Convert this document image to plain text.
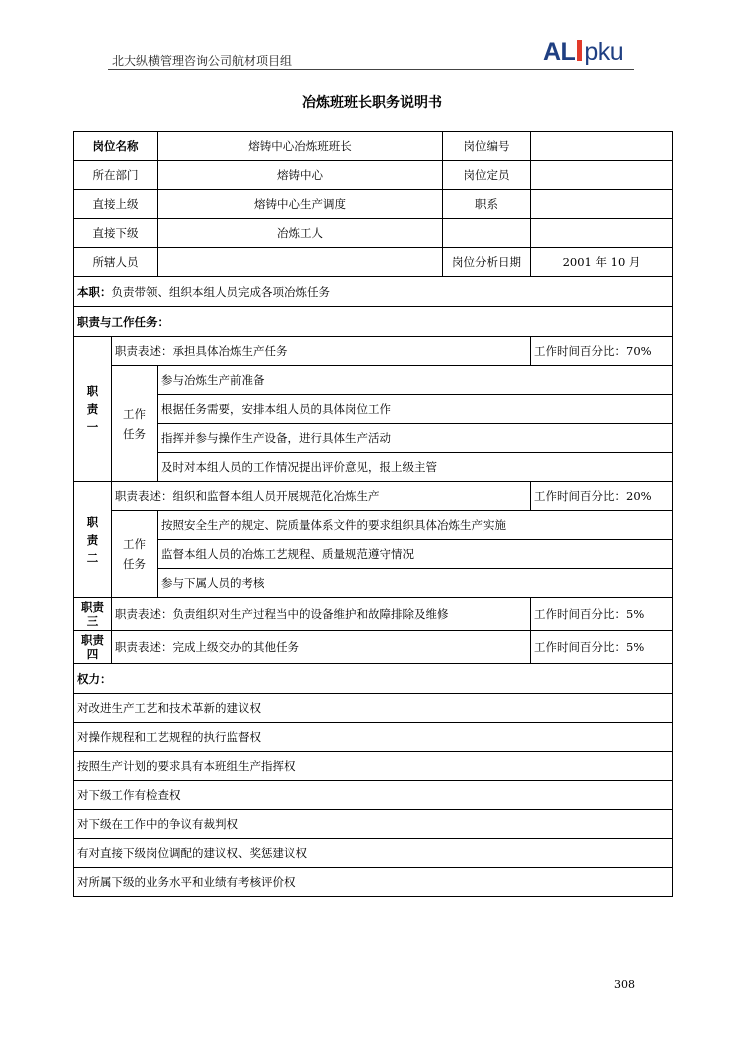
北大纵横管理咨询公司航材项目组	AL pku
冶炼班班长职务说明书
岗位名称		熔铸中心冶炼班班长	岗位编号	
所在部门		熔铸中心	岗位定员	
直接上级		熔铸中心生产调度	职系	
直接下级		冶炼工人		
所辖人员			岗位分析日期	2001 年 10 月
本职：负责带领、组织本组人员完成各项冶炼任务				
职责与工作任务：				
职责一	职责表述：承担具体冶炼生产任务			工作时间百分比：70%
	工作任务	参与冶炼生产前准备		
		根据任务需要，安排本组人员的具体岗位工作		
		指挥并参与操作生产设备，进行具体生产活动		
		及时对本组人员的工作情况提出评价意见，报上级主管		
职责二	职责表述：组织和监督本组人员开展规范化冶炼生产			工作时间百分比：20%
	工作任务	按照安全生产的规定、院质量体系文件的要求组织具体冶炼生产实施		
		监督本组人员的冶炼工艺规程、质量规范遵守情况		
		参与下属人员的考核		
职责
三	职责表述：负责组织对生产过程当中的设备维护和故障排除及维修			工作时间百分比：5%
职责
四	职责表述：完成上级交办的其他任务			工作时间百分比：5%
权力：				
对改进生产工艺和技术革新的建议权				
对操作规程和工艺规程的执行监督权				
按照生产计划的要求具有本班组生产指挥权				
对下级工作有检查权				
对下级在工作中的争议有裁判权				
有对直接下级岗位调配的建议权、奖惩建议权				
对所属下级的业务水平和业绩有考核评价权				
308
